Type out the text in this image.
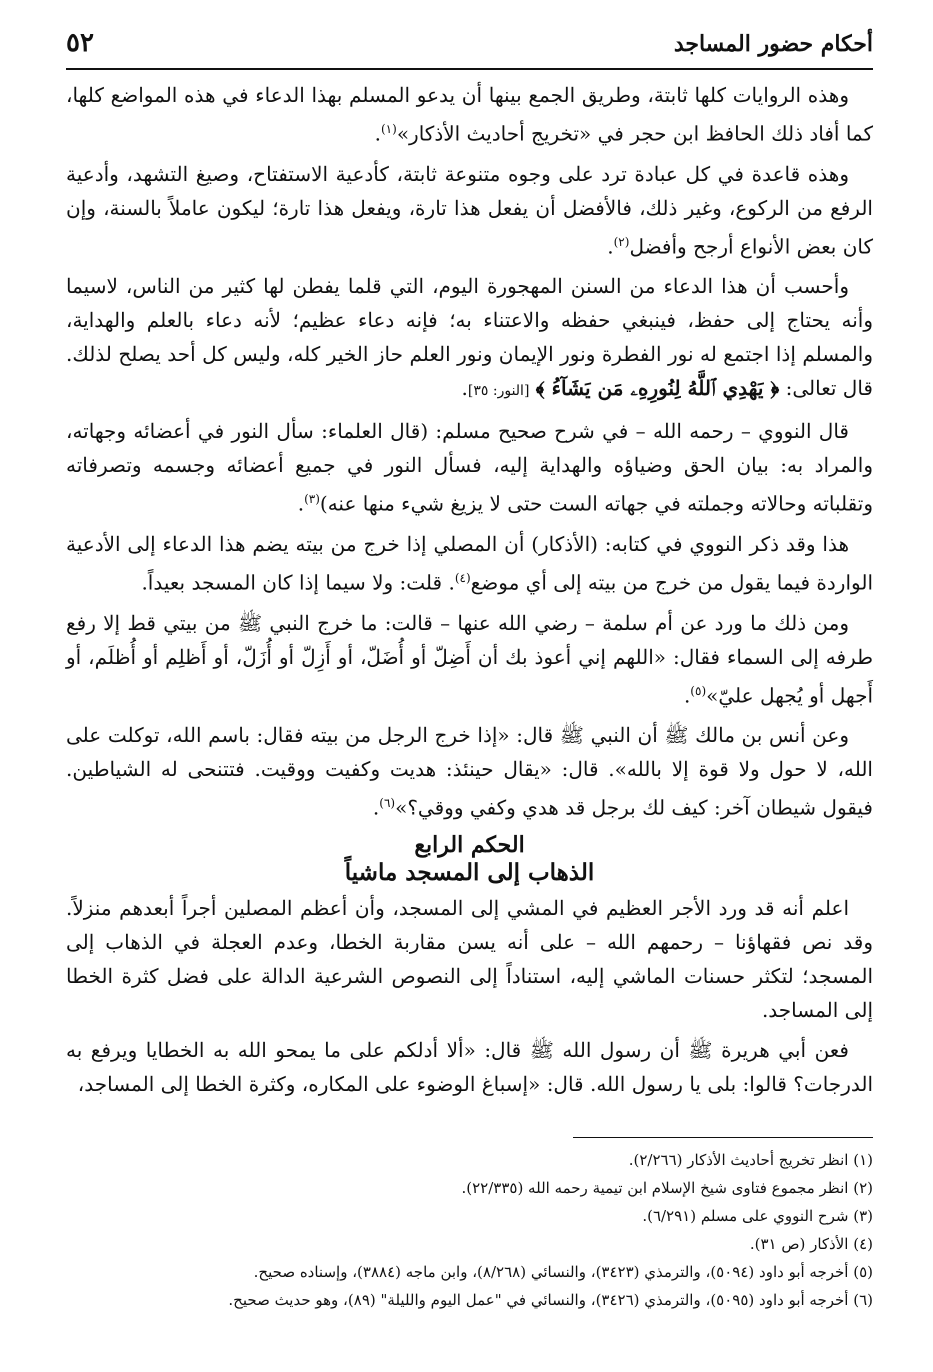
أحكام حضور المساجد
٥٢

وهذه الروايات كلها ثابتة، وطريق الجمع بينها أن يدعو المسلم بهذا الدعاء في هذه المواضع كلها، كما أفاد ذلك الحافظ ابن حجر في «تخريج أحاديث الأذكار»$^{(١)}$.

وهذه قاعدة في كل عبادة ترد على وجوه متنوعة ثابتة، كأدعية الاستفتاح، وصيغ التشهد، وأدعية الرفع من الركوع، وغير ذلك، فالأفضل أن يفعل هذا تارة، ويفعل هذا تارة؛ ليكون عاملاً بالسنة، وإن كان بعض الأنواع أرجح وأفضل$^{(٢)}$.

وأحسب أن هذا الدعاء من السنن المهجورة اليوم، التي قلما يفطن لها كثير من الناس، لاسيما وأنه يحتاج إلى حفظ، فينبغي حفظه والاعتناء به؛ فإنه دعاء عظيم؛ لأنه دعاء بالعلم والهداية، والمسلم إذا اجتمع له نور الفطرة ونور الإيمان ونور العلم حاز الخير كله، وليس كل أحد يصلح لذلك. قال تعالى: ﴿ يَهْدِي ٱللَّهُ لِنُورِهِۦ مَن يَشَآءُ ﴾ [النور: ٣٥].

قال النووي – رحمه الله – في شرح صحيح مسلم: (قال العلماء: سأل النور في أعضائه وجهاته، والمراد به: بيان الحق وضياؤه والهداية إليه، فسأل النور في جميع أعضائه وجسمه وتصرفاته وتقلباته وحالاته وجملته في جهاته الست حتى لا يزيغ شيء منها عنه)$^{(٣)}$.

هذا وقد ذكر النووي في كتابه: (الأذكار) أن المصلي إذا خرج من بيته يضم هذا الدعاء إلى الأدعية الواردة فيما يقول من خرج من بيته إلى أي موضع$^{(٤)}$. قلت: ولا سيما إذا كان المسجد بعيداً.

ومن ذلك ما ورد عن أم سلمة – رضي الله عنها – قالت: ما خرج النبي ﷺ من بيتي قط إلا رفع طرفه إلى السماء فقال: «اللهم إني أعوذ بك أن أَضِلّ أو أُضَلّ، أو أَزِلّ أو أُزَلّ، أو أَظلِم أو أُظلَم، أو أَجهل أو يُجهل عليّ»$^{(٥)}$.

وعن أنس بن مالك ﷺ أن النبي ﷺ قال: «إذا خرج الرجل من بيته فقال: باسم الله، توكلت على الله، لا حول ولا قوة إلا بالله». قال: «يقال حينئذ: هديت وكفيت ووقيت. فتتنحى له الشياطين. فيقول شيطان آخر: كيف لك برجل قد هدي وكفي ووقي؟»$^{(٦)}$.

الحكم الرابع
الذهاب إلى المسجد ماشياً

اعلم أنه قد ورد الأجر العظيم في المشي إلى المسجد، وأن أعظم المصلين أجراً أبعدهم منزلاً. وقد نص فقهاؤنا – رحمهم الله – على أنه يسن مقاربة الخطا، وعدم العجلة في الذهاب إلى المسجد؛ لتكثر حسنات الماشي إليه، استناداً إلى النصوص الشرعية الدالة على فضل كثرة الخطا إلى المساجد.

فعن أبي هريرة ﷺ أن رسول الله ﷺ قال: «ألا أدلكم على ما يمحو الله به الخطايا ويرفع به الدرجات؟ قالوا: بلى يا رسول الله. قال: «إسباغ الوضوء على المكاره، وكثرة الخطا إلى المساجد،

(١) انظر تخريج أحاديث الأذكار (٢/٢٦٦).
(٢) انظر مجموع فتاوى شيخ الإسلام ابن تيمية رحمه الله (٢٢/٣٣٥).
(٣) شرح النووي على مسلم (٦/٢٩١).
(٤) الأذكار (ص ٣١).
(٥) أخرجه أبو داود (٥٠٩٤)، والترمذي (٣٤٢٣)، والنسائي (٨/٢٦٨)، وابن ماجه (٣٨٨٤)، وإسناده صحيح.
(٦) أخرجه أبو داود (٥٠٩٥)، والترمذي (٣٤٢٦)، والنسائي في "عمل اليوم والليلة" (٨٩)، وهو حديث صحيح.
